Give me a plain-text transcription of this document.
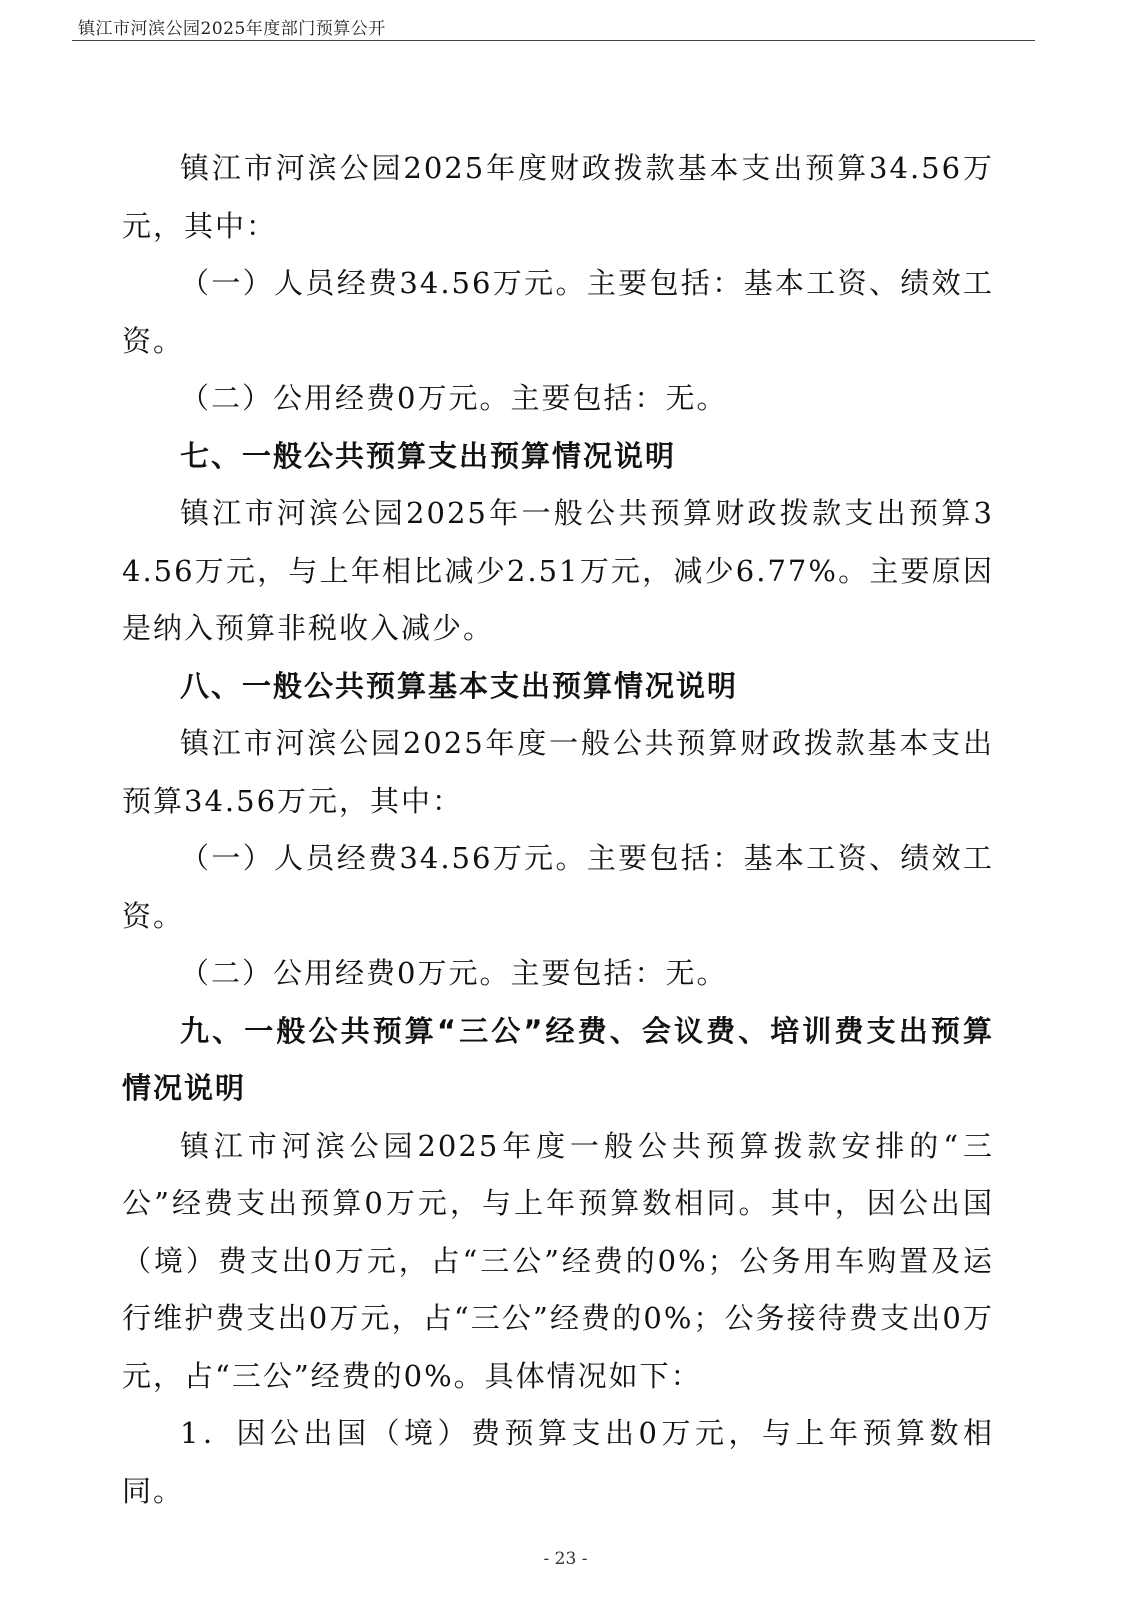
镇江市河滨公园2025年度部门预算公开

镇江市河滨公园2025年度财政拨款基本支出预算34.56万元，其中：

（一）人员经费34.56万元。主要包括：基本工资、绩效工资。

（二）公用经费0万元。主要包括：无。

七、一般公共预算支出预算情况说明

镇江市河滨公园2025年一般公共预算财政拨款支出预算34.56万元，与上年相比减少2.51万元，减少6.77%。主要原因是纳入预算非税收入减少。

八、一般公共预算基本支出预算情况说明

镇江市河滨公园2025年度一般公共预算财政拨款基本支出预算34.56万元，其中：

（一）人员经费34.56万元。主要包括：基本工资、绩效工资。

（二）公用经费0万元。主要包括：无。

九、一般公共预算“三公”经费、会议费、培训费支出预算情况说明

镇江市河滨公园2025年度一般公共预算拨款安排的“三公”经费支出预算0万元，与上年预算数相同。其中，因公出国（境）费支出0万元，占“三公”经费的0%；公务用车购置及运行维护费支出0万元，占“三公”经费的0%；公务接待费支出0万元，占“三公”经费的0%。具体情况如下：

1．因公出国（境）费预算支出0万元，与上年预算数相同。

- 23 -
